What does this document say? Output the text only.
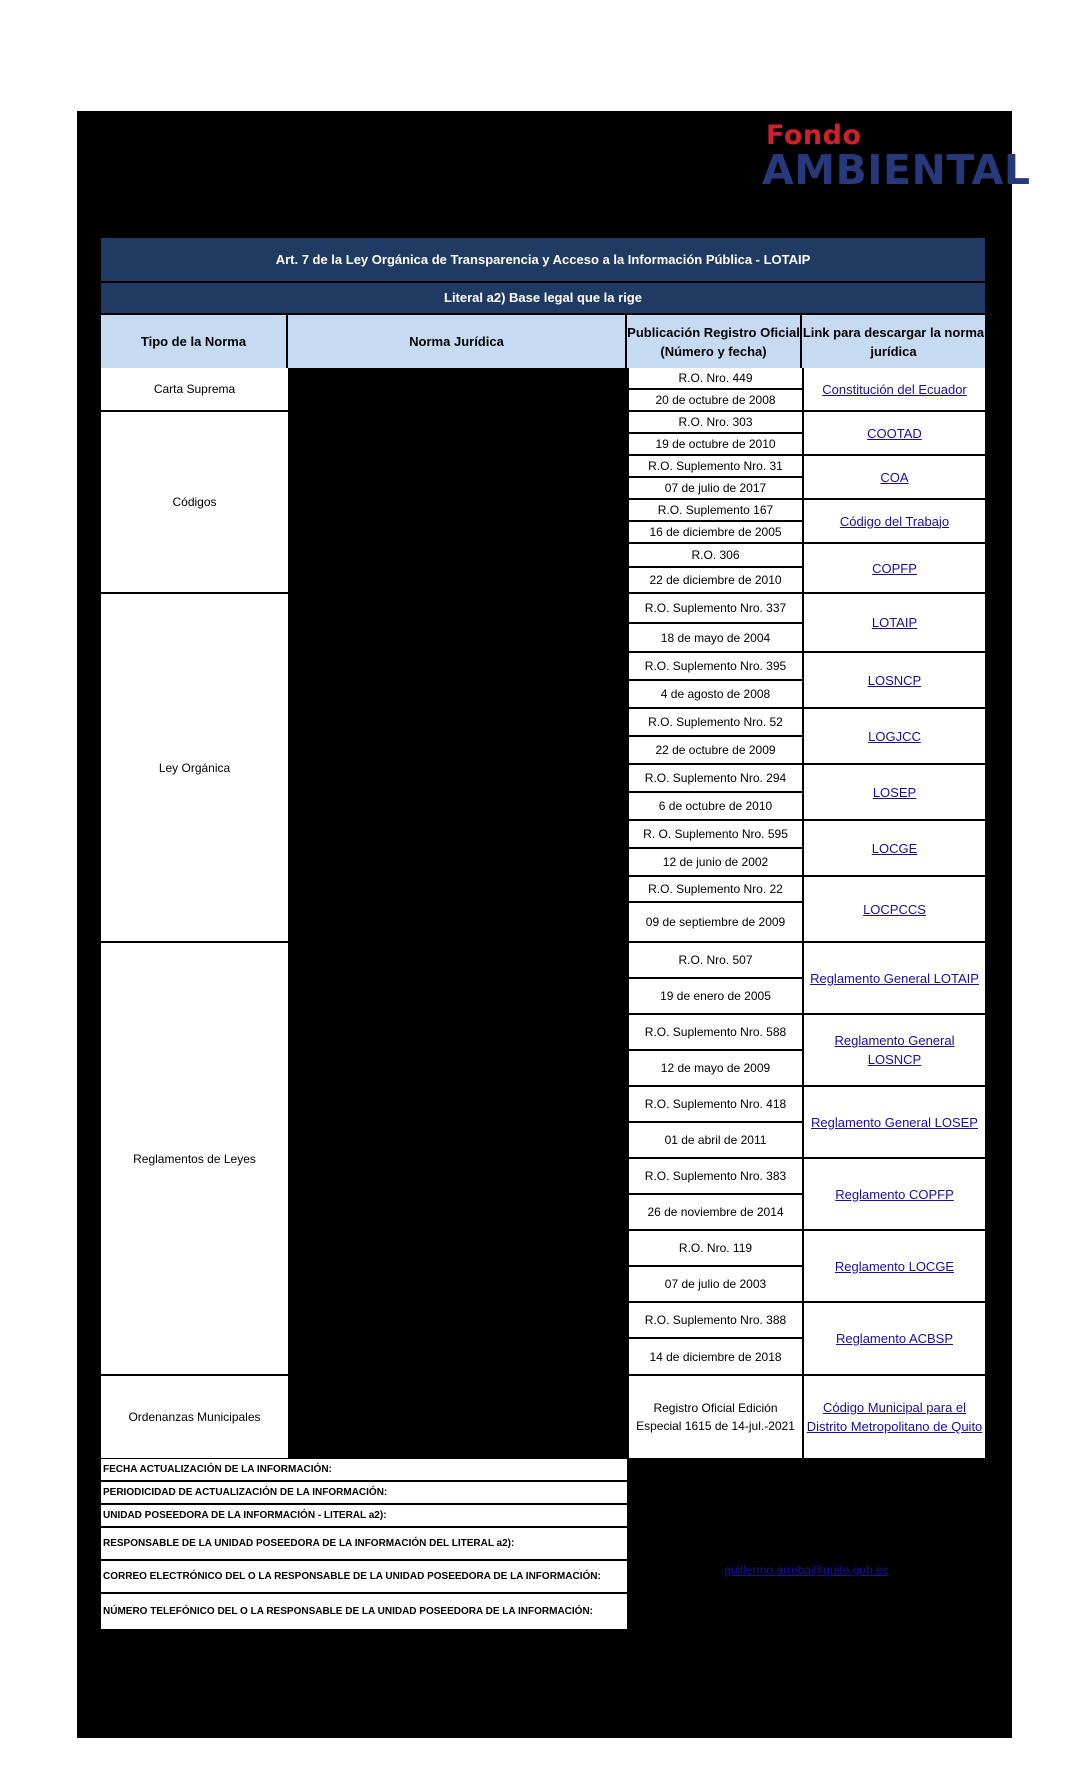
Fondo
AMBIENTAL
Art. 7 de la Ley Orgánica de Transparencia y Acceso a la Información Pública - LOTAIP
Literal a2) Base legal que la rige
Tipo de la Norma	Norma Jurídica
Publicación Registro Oficial (Número y fecha)
Link para descargar la norma jurídica
Carta Suprema
Códigos
Ley Orgánica
Reglamentos de Leyes
Ordenanzas Municipales
R.O. Nro. 449
20 de octubre de 2008
R.O. Nro. 303
19 de octubre de 2010
R.O. Suplemento Nro. 31
07 de julio de 2017
R.O. Suplemento 167
16 de diciembre de 2005
R.O. 306
22 de diciembre de 2010
R.O. Suplemento Nro. 337
18 de mayo de 2004
R.O. Suplemento Nro. 395
4 de agosto de 2008
R.O. Suplemento Nro. 52
22 de octubre de 2009
R.O. Suplemento Nro. 294
6 de octubre de 2010
R. O. Suplemento Nro. 595
12 de junio de 2002
R.O. Suplemento Nro. 22
09 de septiembre de 2009
R.O. Nro. 507
19 de enero de 2005
R.O. Suplemento Nro. 588
12 de mayo de 2009
R.O. Suplemento Nro. 418
01 de abril de 2011
R.O. Suplemento Nro. 383
26 de noviembre de 2014
R.O. Nro. 119
07 de julio de 2003
R.O. Suplemento Nro. 388
14 de diciembre de 2018
Registro Oficial Edición Especial 1615 de 14-jul.-2021
Constitución del Ecuador
COOTAD
COA
Código del Trabajo
COPFP
LOTAIP
LOSNCP
LOGJCC
LOSEP
LOCGE
LOCPCCS
Reglamento General LOTAIP
Reglamento General LOSNCP
Reglamento General LOSEP
Reglamento COPFP
Reglamento LOCGE
Reglamento ACBSP
Código Municipal para el Distrito Metropolitano de Quito
FECHA ACTUALIZACIÓN DE LA INFORMACIÓN:
PERIODICIDAD DE ACTUALIZACIÓN DE LA INFORMACIÓN:
UNIDAD POSEEDORA DE LA INFORMACIÓN - LITERAL a2):
RESPONSABLE DE LA UNIDAD POSEEDORA DE LA INFORMACIÓN DEL LITERAL a2):
CORREO ELECTRÓNICO DEL O LA RESPONSABLE DE LA UNIDAD POSEEDORA DE LA INFORMACIÓN:
NÚMERO TELEFÓNICO DEL O LA RESPONSABLE DE LA UNIDAD POSEEDORA DE LA INFORMACIÓN:
guillermo.arroba@quito.gob.ec
